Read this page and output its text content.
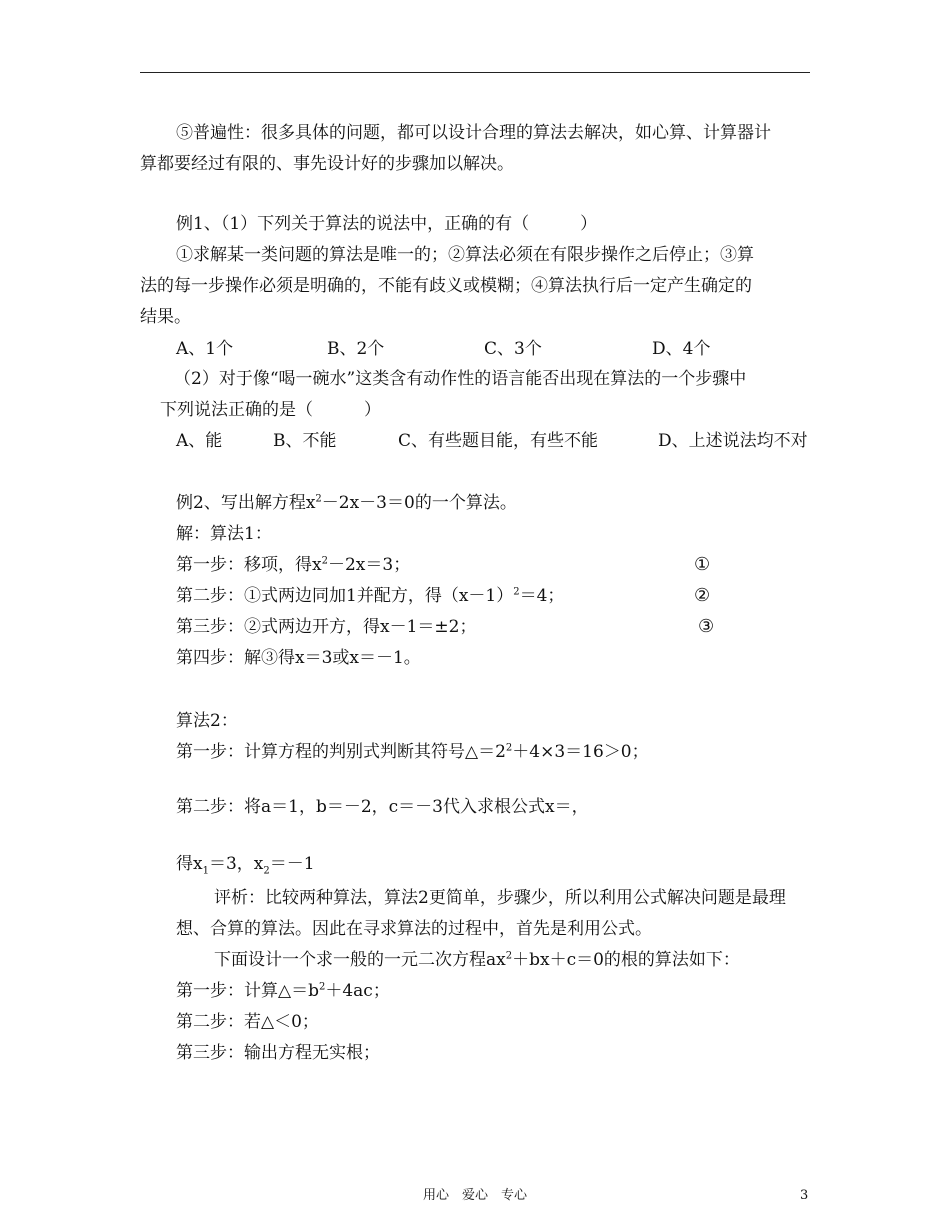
⑤普遍性：很多具体的问题，都可以设计合理的算法去解决，如心算、计算器计
算都要经过有限的、事先设计好的步骤加以解决。
例1、（1）下列关于算法的说法中，正确的有（　　　）
①求解某一类问题的算法是唯一的；②算法必须在有限步操作之后停止；③算
法的每一步操作必须是明确的，不能有歧义或模糊；④算法执行后一定产生确定的
结果。
A、1个	B、2个	C、3个	D、4个
（2）对于像“喝一碗水”这类含有动作性的语言能否出现在算法的一个步骤中
下列说法正确的是（　　　）
A、能	B、不能	C、有些题目能，有些不能	D、上述说法均不对
例2、写出解方程$x^2-2x-3=0$的一个算法。
解：算法1：
第一步：移项，得$x^2-2x=3$；	①
第二步：①式两边同加1并配方，得$(x-1)^2=4$；	②
第三步：②式两边开方，得x－1＝±2；	③
第四步：解③得x＝3或x＝－1。
算法2：
第一步：计算方程的判别式判断其符号$\triangle=2^2+4\times 3=16>0$；
第二步：将a＝1，b＝－2，c＝－3代入求根公式x＝，
得$x_1=3$，$x_2=-1$
评析：比较两种算法，算法2更简单，步骤少，所以利用公式解决问题是最理
想、合算的算法。因此在寻求算法的过程中，首先是利用公式。
下面设计一个求一般的一元二次方程$ax^2+bx+c=0$的根的算法如下：
第一步：计算$\triangle=b^2+4ac$；
第二步：若△＜0；
第三步：输出方程无实根；
用心　爱心　专心	3
